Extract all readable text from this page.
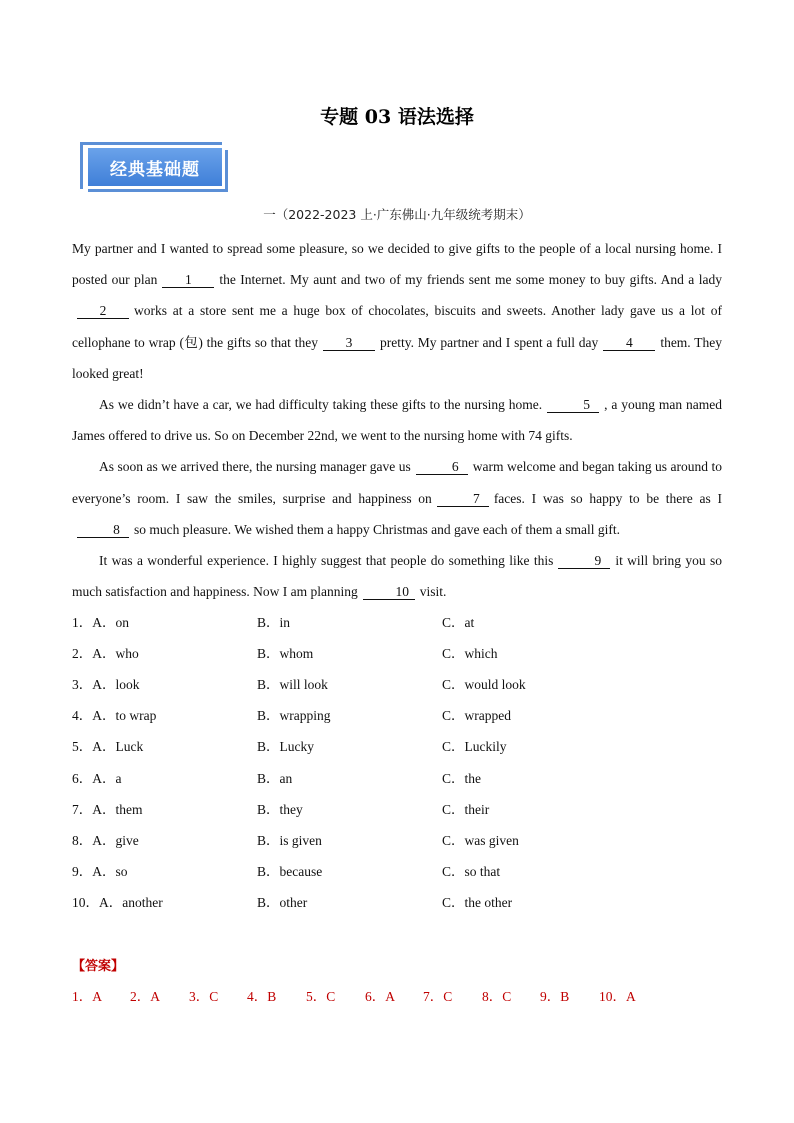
专题 03 语法选择
经典基础题
一（2022-2023 上·广东佛山·九年级统考期末）

My partner and I wanted to spread some pleasure, so we decided to give gifts to the people of a local nursing home. I posted our plan 1 the Internet. My aunt and two of my friends sent me some money to buy gifts. And a lady2 works at a store sent me a huge box of chocolates, biscuits and sweets. Another lady gave us a lot of cellophane to wrap (包) the gifts so that they 3 pretty. My partner and I spent a full day 4 them. They looked great!

As we didn’t have a car, we had difficulty taking these gifts to the nursing home.	5 , a young man named James offered to drive us. So on December 22nd, we went to the nursing home with 74 gifts.

As soon as we arrived there, the nursing manager gave us	6 warm welcome and began taking us around to everyone’s room. I saw the smiles, surprise and happiness on	7 faces. I was so happy to be there as I8 so much pleasure. We wished them a happy Christmas and gave each of them a small gift.

It was a wonderful experience. I highly suggest that people do something like this	9 it will bring you so much satisfaction and happiness. Now I am planning	10 visit.

1．A．on	B．in	C．at
2．A．who	B．whom	C．which
3．A．look	B．will look	C．would look
4．A．to wrap	B．wrapping	C．wrapped
5．A．Luck	B．Lucky	C．Luckily
6．A．a	B．an	C．the
7．A．them	B．they	C．their
8．A．give	B．is given	C．was given
9．A．so	B．because	C．so that
10．A．another	B．other	C．the other
【答案】
1．A	2．A	3．C	4．B	5．C	6．A	7．C	8．C	9．B	10．A
